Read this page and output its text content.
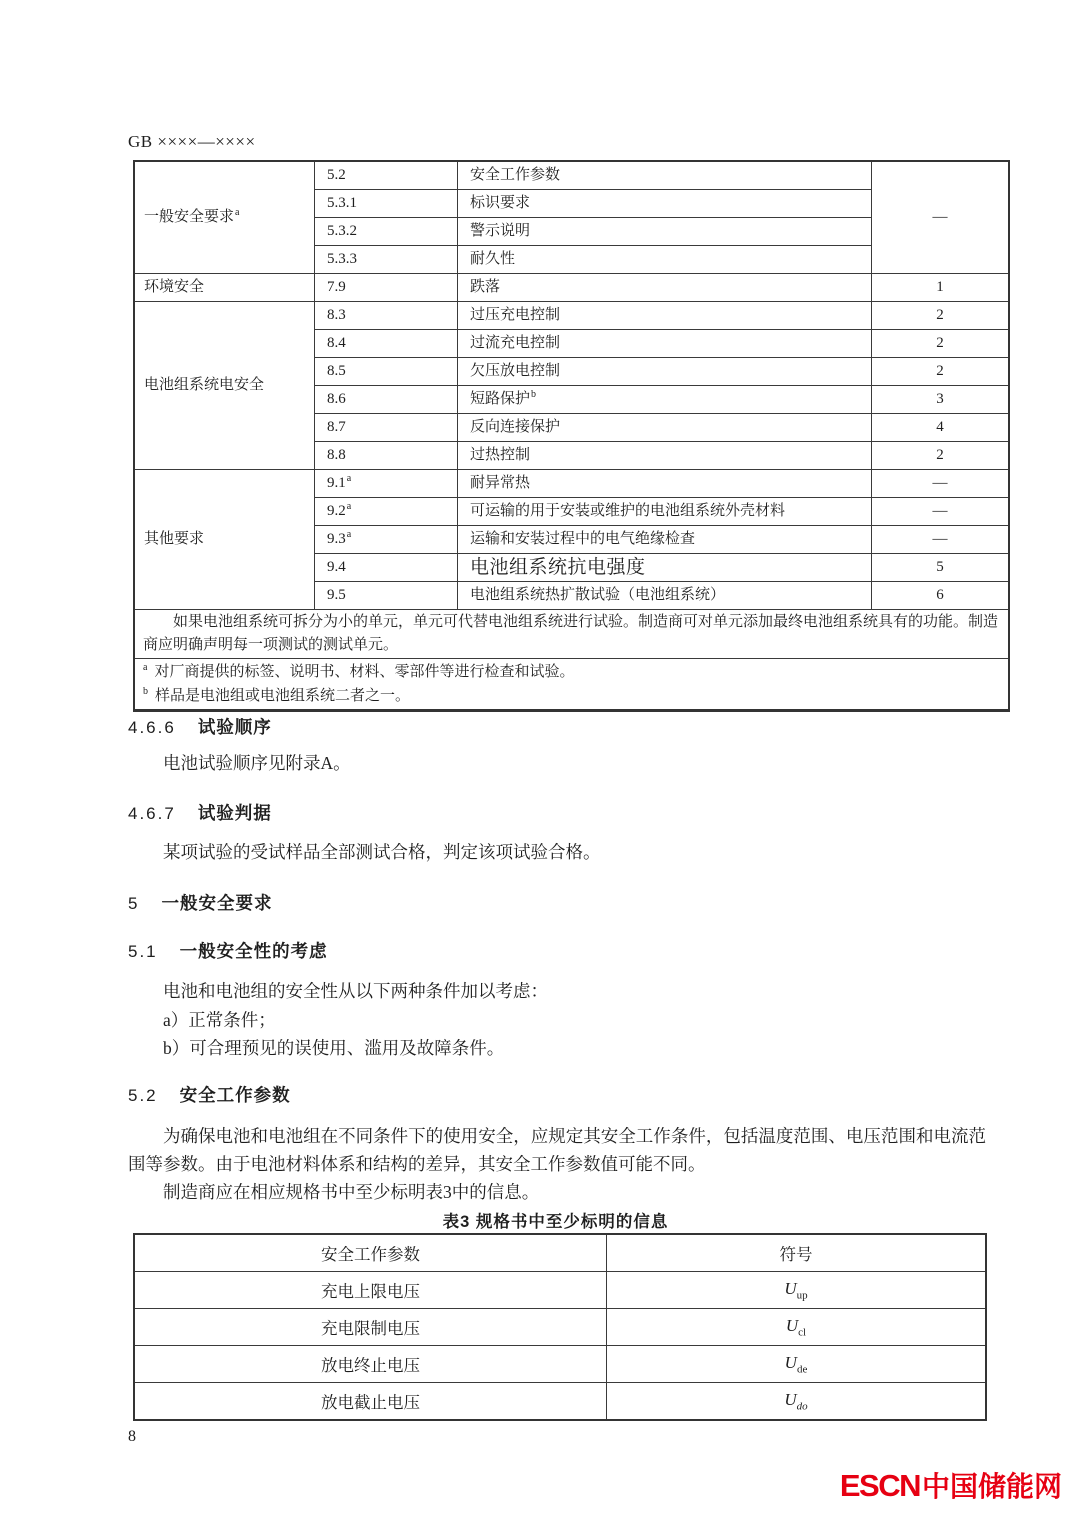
GB ××××—××××
一般安全要求$^a$	5.2	安全工作参数	—
	5.3.1	标识要求	
	5.3.2	警示说明	
	5.3.3	耐久性	
环境安全	7.9	跌落	1
电池组系统电安全	8.3	过压充电控制	2
	8.4	过流充电控制	2
	8.5	欠压放电控制	2
	8.6	短路保护$^b$	3
	8.7	反向连接保护	4
	8.8	过热控制	2
其他要求	9.1$^a$	耐异常热	—
	9.2$^a$	可运输的用于安装或维护的电池组系统外壳材料	—
	9.3$^a$	运输和安装过程中的电气绝缘检查	—
	9.4	电池组系统抗电强度	5
	9.5	电池组系统热扩散试验（电池组系统）	6

如果电池组系统可拆分为小的单元，单元可代替电池组系统进行试验。制造商可对单元添加最终电池组系统具有的功能。制造商应明确声明每一项测试的测试单元。			

$^a$ 对厂商提供的标签、说明书、材料、零部件等进行检查和试验。
$^b$ 样品是电池组或电池组系统二者之一。			
4.6.6 试验顺序

电池试验顺序见附录A。

4.6.7 试验判据

某项试验的受试样品全部测试合格，判定该项试验合格。

5 一般安全要求
5.1 一般安全性的考虑

电池和电池组的安全性从以下两种条件加以考虑：

a）正常条件；

b）可合理预见的误使用、滥用及故障条件。

5.2 安全工作参数

为确保电池和电池组在不同条件下的使用安全，应规定其安全工作条件，包括温度范围、电压范围和电流范围等参数。由于电池材料体系和结构的差异，其安全工作参数值可能不同。

制造商应在相应规格书中至少标明表3中的信息。

表3 规格书中至少标明的信息
安全工作参数	符号
充电上限电压	$U_{up}$
充电限制电压	$U_{cl}$
放电终止电压	$U_{de}$
放电截止电压	$U_{do}$
8
ESCN中国储能网
